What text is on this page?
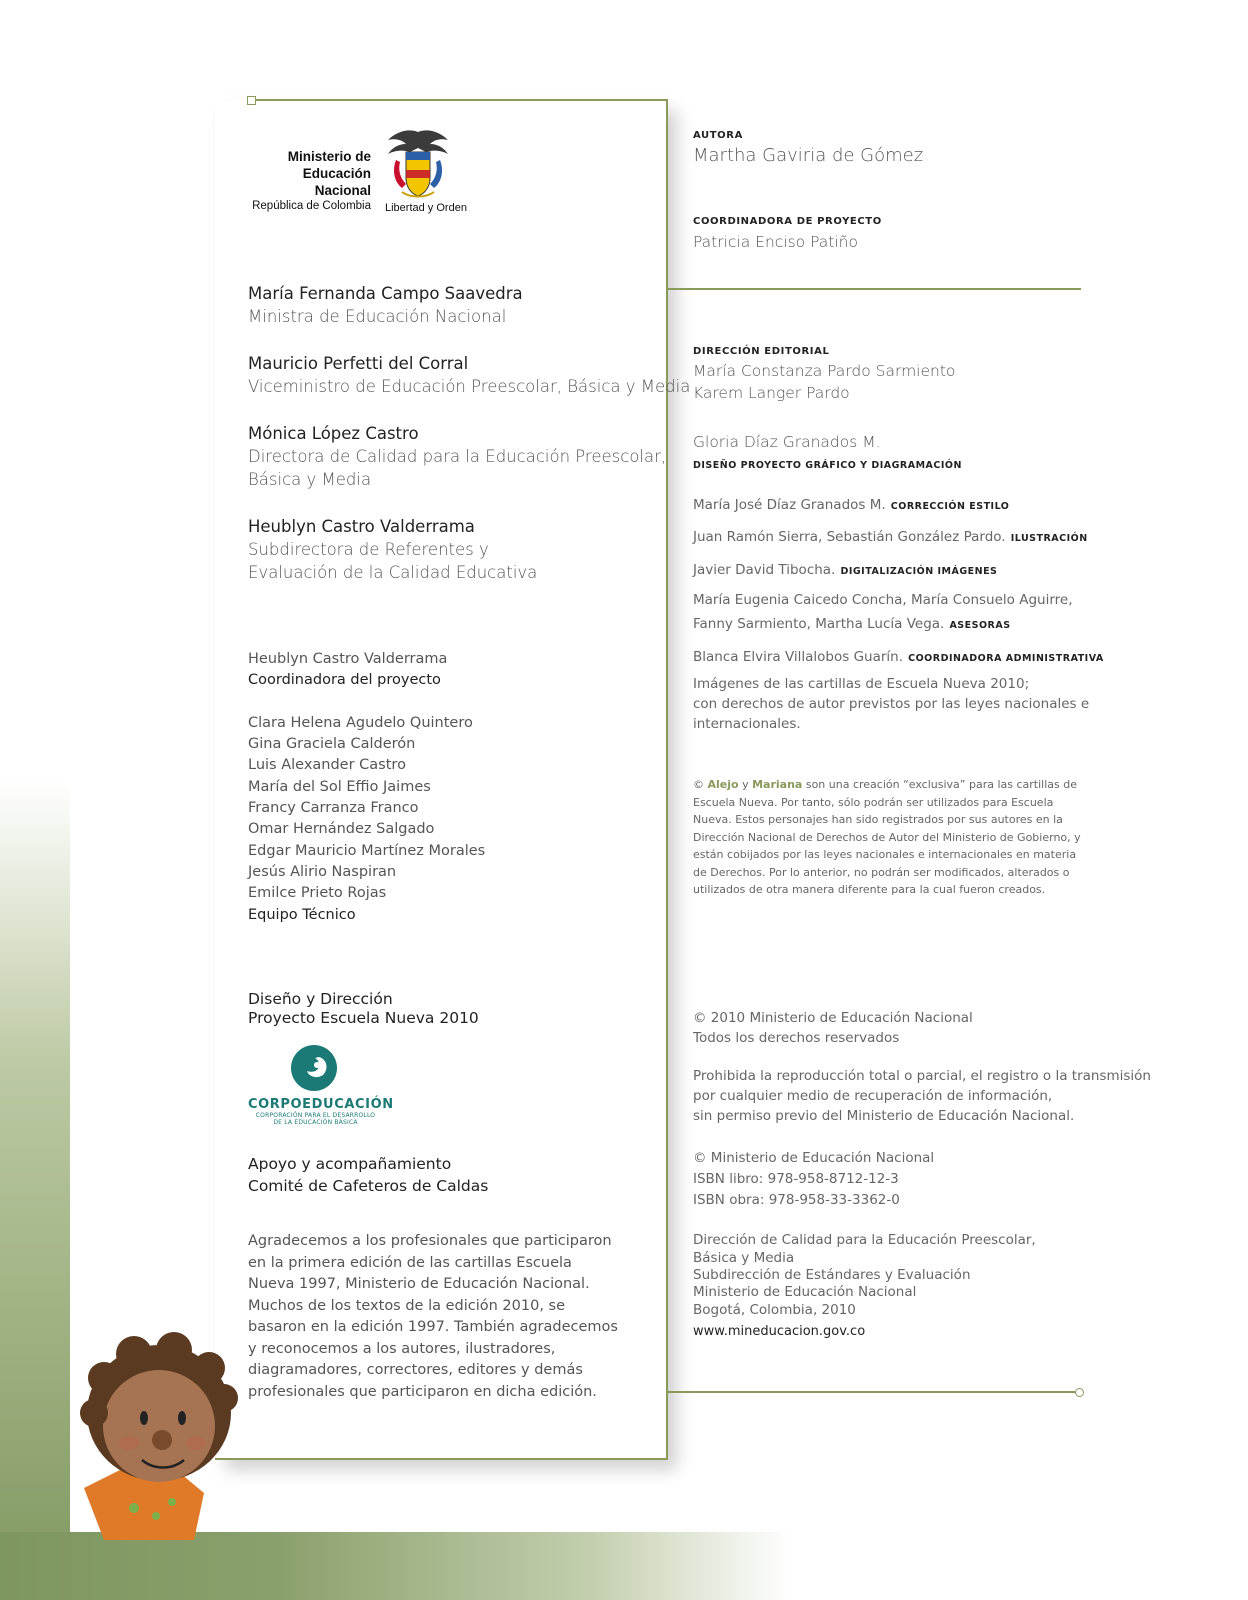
Ministerio de
Educación Nacional
República de Colombia Libertad y Orden
María Fernanda Campo Saavedra
Ministra de Educación Nacional
Mauricio Perfetti del Corral
Viceministro de Educación Preescolar, Básica y Media
Mónica López Castro
Directora de Calidad para la Educación Preescolar,
Básica y Media
Heublyn Castro Valderrama
Subdirectora de Referentes y
Evaluación de la Calidad Educativa
Heublyn Castro Valderrama
Coordinadora del proyecto
Clara Helena Agudelo Quintero
Gina Graciela Calderón
Luis Alexander Castro
María del Sol Effio Jaimes
Francy Carranza Franco
Omar Hernández Salgado
Edgar Mauricio Martínez Morales
Jesús Alirio Naspiran
Emilce Prieto Rojas
Equipo Técnico
Diseño y Dirección
Proyecto Escuela Nueva 2010
CORPOEDUCACIÓN
CORPORACIÓN PARA EL DESARROLLO
DE LA EDUCACIÓN BÁSICA
Apoyo y acompañamiento
Comité de Cafeteros de Caldas

Agradecemos a los profesionales que participaron en la primera edición de las cartillas Escuela Nueva 1997, Ministerio de Educación Nacional. Muchos de los textos de la edición 2010, se basaron en la edición 1997. También agradecemos y reconocemos a los autores, ilustradores, diagramadores, correctores, editores y demás profesionales que participaron en dicha edición.

AUTORA
Martha Gaviria de Gómez
COORDINADORA DE PROYECTO
Patricia Enciso Patiño
DIRECCIÓN EDITORIAL
María Constanza Pardo Sarmiento
Karem Langer Pardo
Gloria Díaz Granados M.
DISEÑO PROYECTO GRÁFICO Y DIAGRAMACIÓN
María José Díaz Granados M. CORRECCIÓN ESTILO
Juan Ramón Sierra, Sebastián González Pardo. ILUSTRACIÓN
Javier David Tibocha. DIGITALIZACIÓN IMÁGENES
María Eugenia Caicedo Concha, María Consuelo Aguirre,
Fanny Sarmiento, Martha Lucía Vega. ASESORAS
Blanca Elvira Villalobos Guarín. COORDINADORA ADMINISTRATIVA
Imágenes de las cartillas de Escuela Nueva 2010;
con derechos de autor previstos por las leyes nacionales e
internacionales.

© Alejo y Mariana son una creación “exclusiva” para las cartillas de Escuela Nueva. Por tanto, sólo podrán ser utilizados para Escuela Nueva. Estos personajes han sido registrados por sus autores en la Dirección Nacional de Derechos de Autor del Ministerio de Gobierno, y están cobijados por las leyes nacionales e internacionales en materia de Derechos. Por lo anterior, no podrán ser modificados, alterados o utilizados de otra manera diferente para la cual fueron creados.

© 2010 Ministerio de Educación Nacional
Todos los derechos reservados
Prohibida la reproducción total o parcial, el registro o la transmisión
por cualquier medio de recuperación de información,
sin permiso previo del Ministerio de Educación Nacional.
© Ministerio de Educación Nacional
ISBN libro: 978-958-8712-12-3
ISBN obra: 978-958-33-3362-0
Dirección de Calidad para la Educación Preescolar,
Básica y Media
Subdirección de Estándares y Evaluación
Ministerio de Educación Nacional
Bogotá, Colombia, 2010
www.mineducacion.gov.co
